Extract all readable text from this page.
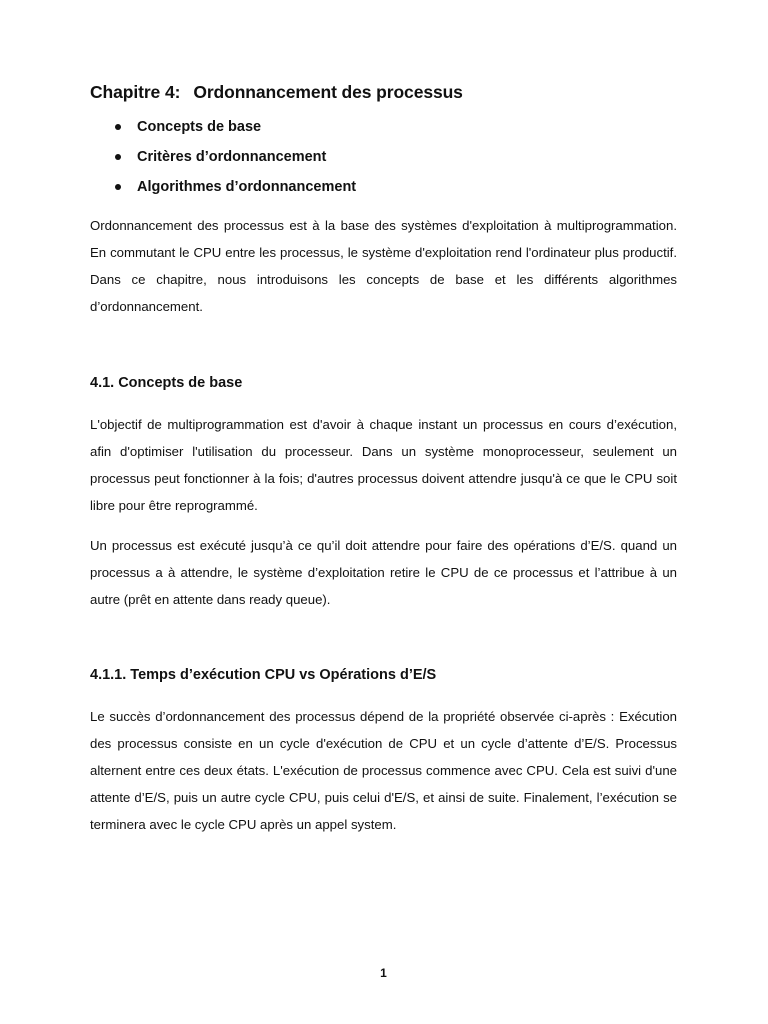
Chapitre 4: Ordonnancement des processus
Concepts de base
Critères d’ordonnancement
Algorithmes d’ordonnancement

Ordonnancement des processus est à la base des systèmes d'exploitation à multiprogrammation. En commutant le CPU entre les processus, le système d'exploitation rend l'ordinateur plus productif. Dans ce chapitre, nous introduisons les concepts de base et les différents algorithmes d’ordonnancement.

4.1. Concepts de base

L'objectif de multiprogrammation est d'avoir à chaque instant un processus en cours d’exécution, afin d'optimiser l'utilisation du processeur. Dans un système monoprocesseur, seulement un processus peut fonctionner à la fois; d'autres processus doivent attendre jusqu'à ce que le CPU soit libre pour être reprogrammé.

Un processus est exécuté jusqu’à ce qu’il doit attendre pour faire des opérations d’E/S. quand un processus a à attendre, le système d’exploitation retire le CPU de ce processus et l’attribue à un autre (prêt en attente dans ready queue).

4.1.1. Temps d’exécution CPU vs Opérations d’E/S

Le succès d’ordonnancement des processus dépend de la propriété observée ci-après : Exécution des processus consiste en un cycle d'exécution de CPU et un cycle d’attente d’E/S. Processus alternent entre ces deux états. L'exécution de processus commence avec CPU. Cela est suivi d'une attente d’E/S, puis un autre cycle CPU, puis celui d'E/S, et ainsi de suite. Finalement, l’exécution se terminera avec le cycle CPU après un appel system.

1
